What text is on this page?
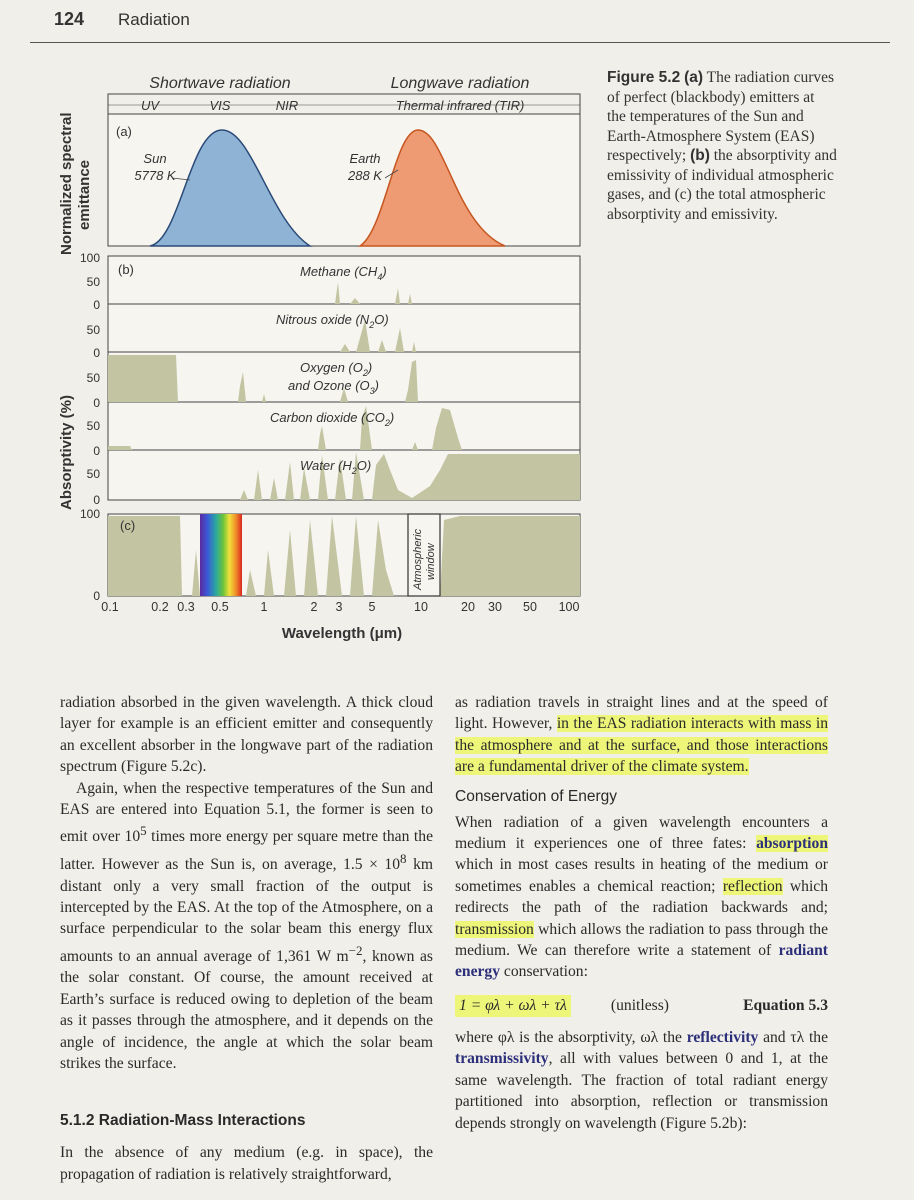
124 Radiation
Shortwave radiation	Longwave radiation
UV	VIS	NIR	Thermal infrared (TIR)
(a)
Sun
5778 K
Earth
288 K
(b)	Methane $(CH_4)$
Nitrous oxide $(N_2O)$
Oxygen $(O_2)$
and Ozone $(O_3)$
Carbon dioxide $(CO_2)$
Water $(H_2O)$
(c)
Atmospheric window
Normalized spectral emittance
Absorptivity (%)
100
50
0
50
0
50
0
50
0
50
0
100
0
0.1	0.2 0.3 0.5	1	2 3 5	10	20 30 50 100
Wavelength (μm)
Figure 5.2 (a) The radiation curves of perfect (blackbody) emitters at the temperatures of the Sun and Earth-Atmosphere System (EAS) respectively; (b) the absorptivity and emissivity of individual atmospheric gases, and (c) the total atmospheric absorptivity and emissivity.

radiation absorbed in the given wavelength. A thick cloud layer for example is an efficient emitter and consequently an excellent absorber in the longwave part of the radiation spectrum (Figure 5.2c).

Again, when the respective temperatures of the Sun and EAS are entered into Equation 5.1, the former is seen to emit over $10^5$ times more energy per square metre than the latter. However as the Sun is, on average, $1.5 \times 10^8$ km distant only a very small fraction of the output is intercepted by the EAS. At the top of the Atmosphere, on a surface perpendicular to the solar beam this energy flux amounts to an annual average of 1,361 W $m^{-2}$, known as the solar constant. Of course, the amount received at Earth’s surface is reduced owing to depletion of the beam as it passes through the atmosphere, and it depends on the angle of incidence, the angle at which the solar beam strikes the surface.

5.1.2 Radiation-Mass Interactions

In the absence of any medium (e.g. in space), the propagation of radiation is relatively straightforward,

as radiation travels in straight lines and at the speed of light. However, in the EAS radiation interacts with mass in the atmosphere and at the surface, and those interactions are a fundamental driver of the climate system.

Conservation of Energy

When radiation of a given wavelength encounters a medium it experiences one of three fates: absorption which in most cases results in heating of the medium or sometimes enables a chemical reaction; reflection which redirects the path of the radiation backwards and; transmission which allows the radiation to pass through the medium. We can therefore write a statement of radiant energy conservation:

1 = φλ + ωλ + τλ	(unitless)	Equation 5.3

where φλ is the absorptivity, ωλ the reflectivity and τλ the transmissivity, all with values between 0 and 1, at the same wavelength. The fraction of total radiant energy partitioned into absorption, reflection or transmission depends strongly on wavelength (Figure 5.2b):
